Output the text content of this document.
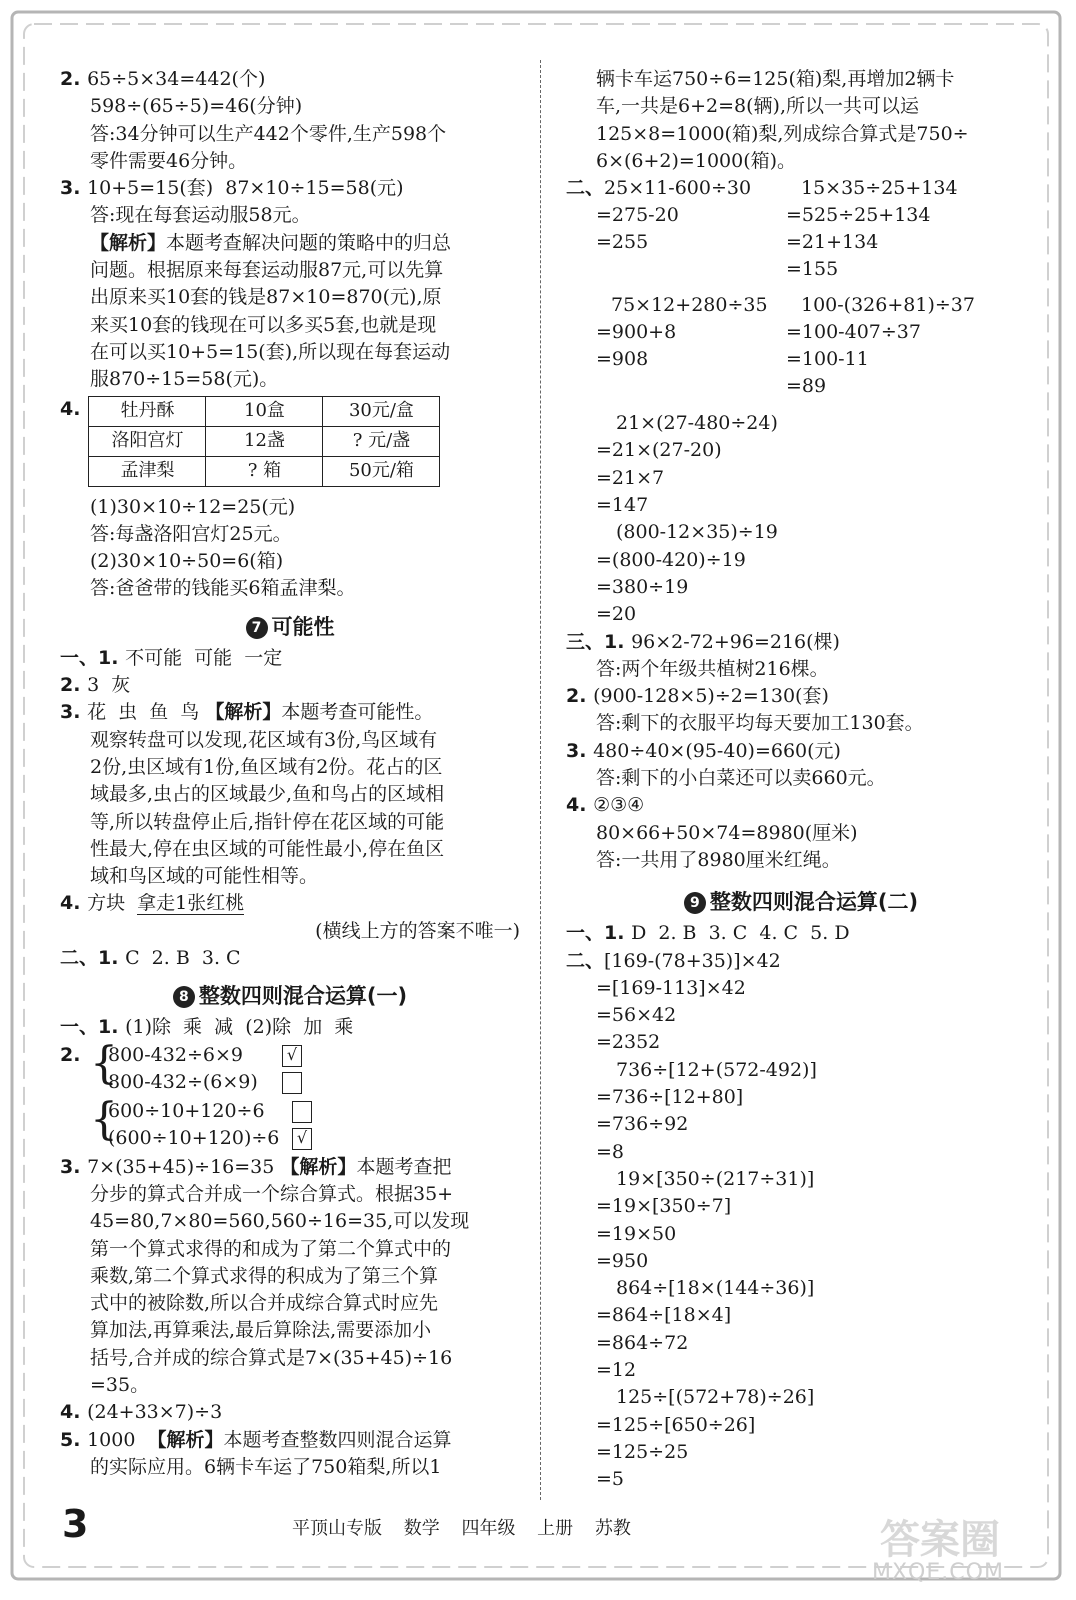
2. 65÷5×34=442(个)
598÷(65÷5)=46(分钟)
答:34分钟可以生产442个零件,生产598个
零件需要46分钟。
3. 10+5=15(套)  87×10÷15=58(元)
答:现在每套运动服58元。
【解析】本题考查解决问题的策略中的归总
问题。根据原来每套运动服87元,可以先算
出原来买10套的钱是87×10=870(元),原
来买10套的钱现在可以多买5套,也就是现
在可以买10+5=15(套),所以现在每套运动
服870÷15=58(元)。
4. 牡丹酥	10盒	30元/盒
洛阳宫灯	12盏	? 元/盏
孟津梨	? 箱	50元/箱
(1)30×10÷12=25(元)
答:每盏洛阳宫灯25元。
(2)30×10÷50=6(箱)
答:爸爸带的钱能买6箱孟津梨。
7 可能性
一、1. 不可能  可能  一定
2. 3  灰
3. 花  虫  鱼  鸟 【解析】本题考查可能性。
观察转盘可以发现,花区域有3份,鸟区域有
2份,虫区域有1份,鱼区域有2份。花占的区
域最多,虫占的区域最少,鱼和鸟占的区域相
等,所以转盘停止后,指针停在花区域的可能
性最大,停在虫区域的可能性最小,停在鱼区
域和鸟区域的可能性相等。
4. 方块 拿走1张红桃
(横线上方的答案不唯一)
二、1. C  2. B  3. C
8 整数四则混合运算(一)
一、1. (1)除  乘  减  (2)除  加  乘
2. {
800-432÷6×9	√
800-432÷(6×9)
{
600÷10+120÷6
(600÷10+120)÷6	√
3. 7×(35+45)÷16=35 【解析】本题考查把
分步的算式合并成一个综合算式。根据35+
45=80,7×80=560,560÷16=35,可以发现
第一个算式求得的和成为了第二个算式中的
乘数,第二个算式求得的积成为了第三个算
式中的被除数,所以合并成综合算式时应先
算加法,再算乘法,最后算除法,需要添加小
括号,合并成的综合算式是7×(35+45)÷16
=35。
4. (24+33×7)÷3
5. 1000 【解析】本题考查整数四则混合运算
的实际应用。6辆卡车运了750箱梨,所以1
辆卡车运750÷6=125(箱)梨,再增加2辆卡
车,一共是6+2=8(辆),所以一共可以运
125×8=1000(箱)梨,列成综合算式是750÷
6×(6+2)=1000(箱)。
二、25×11-600÷30	15×35÷25+134
=275-20	=525÷25+134
=255	=21+134
=155
75×12+280÷35 100-(326+81)÷37
=900+8	=100-407÷37
=908	=100-11
=89
21×(27-480÷24)
=21×(27-20)
=21×7
=147
(800-12×35)÷19
=(800-420)÷19
=380÷19
=20
三、1. 96×2-72+96=216(棵)
答:两个年级共植树216棵。
2. (900-128×5)÷2=130(套)
答:剩下的衣服平均每天要加工130套。
3. 480÷40×(95-40)=660(元)
答:剩下的小白菜还可以卖660元。
4. ②③④
80×66+50×74=8980(厘米)
答:一共用了8980厘米红绳。
9 整数四则混合运算(二)
一、1. D  2. B  3. C  4. C  5. D
二、[169-(78+35)]×42
=[169-113]×42
=56×42
=2352
736÷[12+(572-492)]
=736÷[12+80]
=736÷92
=8
19×[350÷(217÷31)]
=19×[350÷7]
=19×50
=950
864÷[18×(144÷36)]
=864÷[18×4]
=864÷72
=12
125÷[(572+78)÷26]
=125÷[650÷26]
=125÷25
=5
3	平顶山专版 数学 四年级 上册 苏教	答案圈
MXQE.COM
